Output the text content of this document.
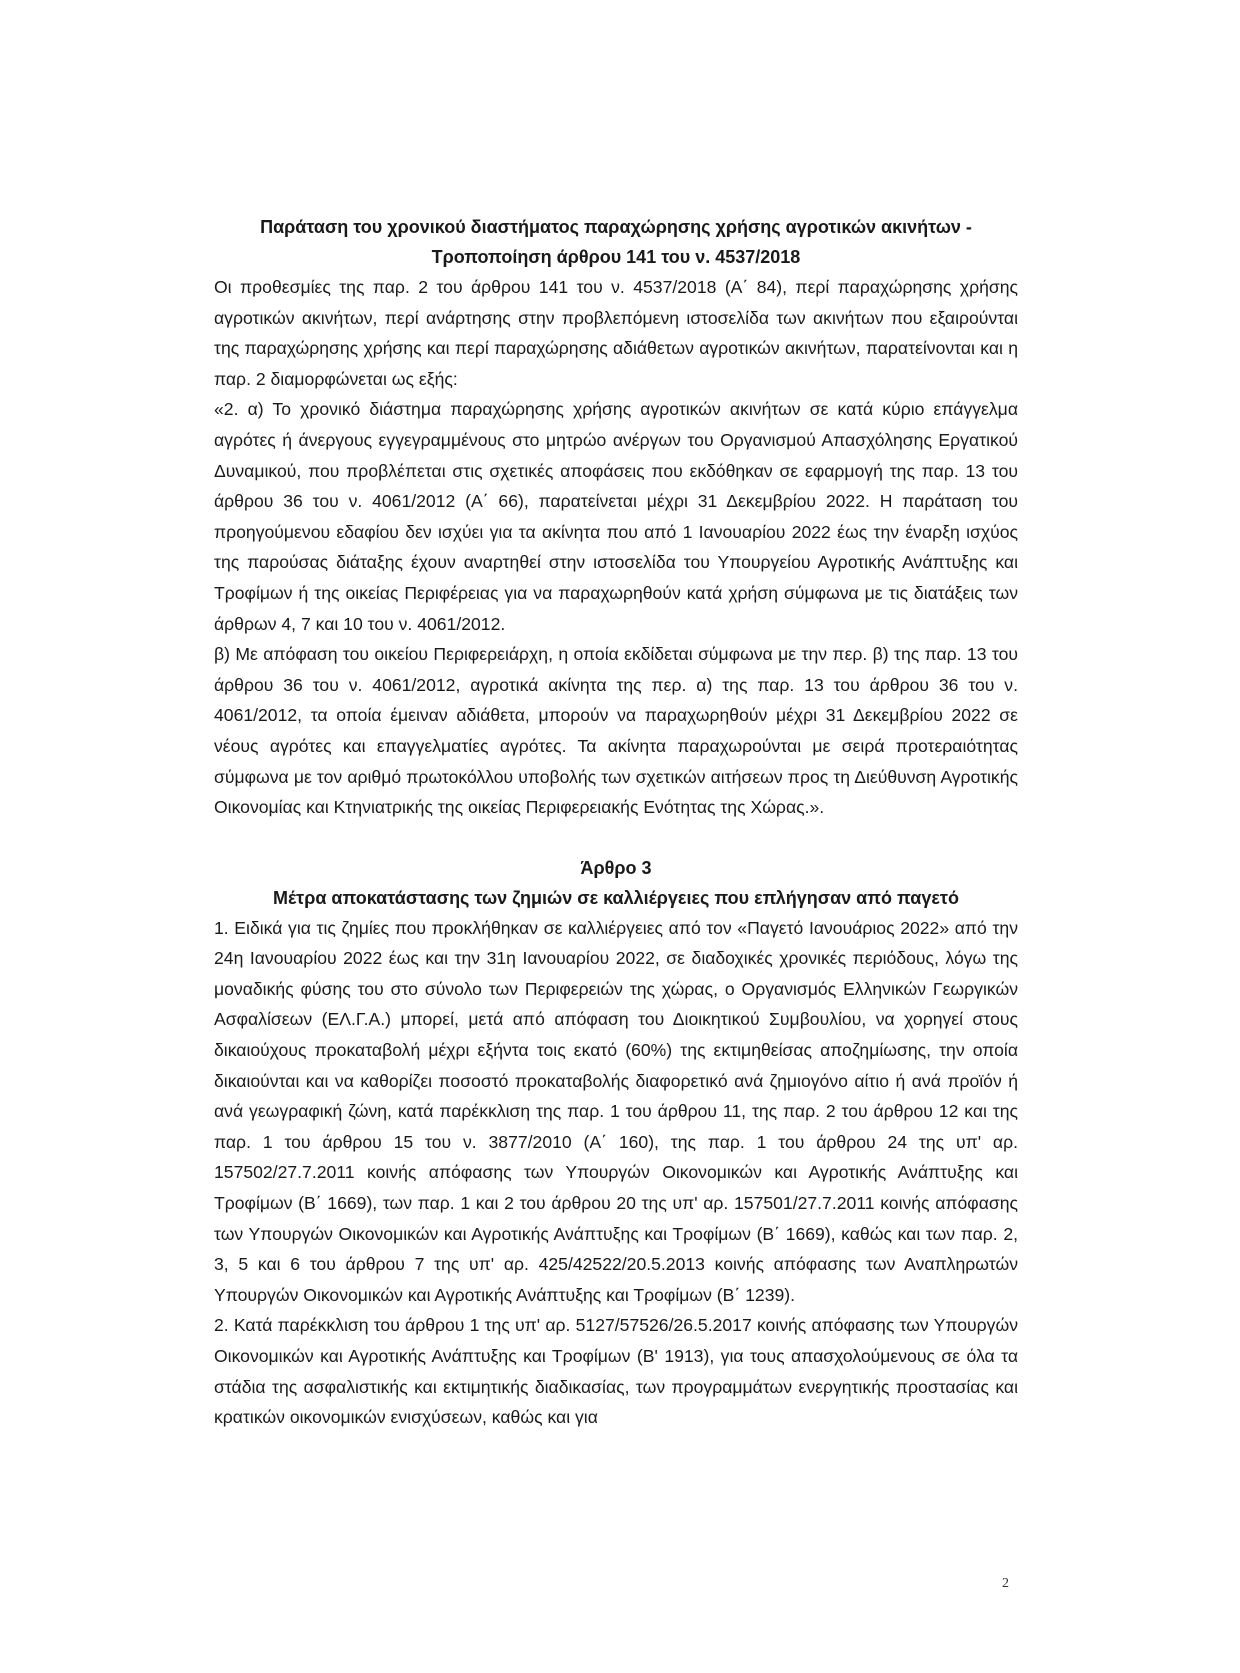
Παράταση του χρονικού διαστήματος παραχώρησης χρήσης αγροτικών ακινήτων -
Τροποποίηση άρθρου 141 του ν. 4537/2018

Οι προθεσμίες της παρ. 2 του άρθρου 141 του ν. 4537/2018 (Α΄ 84), περί παραχώρησης χρήσης αγροτικών ακινήτων, περί ανάρτησης στην προβλεπόμενη ιστοσελίδα των ακινήτων που εξαιρούνται της παραχώρησης χρήσης και περί παραχώρησης αδιάθετων αγροτικών ακινήτων, παρατείνονται και η παρ. 2 διαμορφώνεται ως εξής:

«2. α) Το χρονικό διάστημα παραχώρησης χρήσης αγροτικών ακινήτων σε κατά κύριο επάγγελμα αγρότες ή άνεργους εγγεγραμμένους στο μητρώο ανέργων του Οργανισμού Απασχόλησης Εργατικού Δυναμικού, που προβλέπεται στις σχετικές αποφάσεις που εκδόθηκαν σε εφαρμογή της παρ. 13 του άρθρου 36 του ν. 4061/2012 (Α΄ 66), παρατείνεται μέχρι 31 Δεκεμβρίου 2022. Η παράταση του προηγούμενου εδαφίου δεν ισχύει για τα ακίνητα που από 1 Ιανουαρίου 2022 έως την έναρξη ισχύος της παρούσας διάταξης έχουν αναρτηθεί στην ιστοσελίδα του Υπουργείου Αγροτικής Ανάπτυξης και Τροφίμων ή της οικείας Περιφέρειας για να παραχωρηθούν κατά χρήση σύμφωνα με τις διατάξεις των άρθρων 4, 7 και 10 του ν. 4061/2012.

β) Με απόφαση του οικείου Περιφερειάρχη, η οποία εκδίδεται σύμφωνα με την περ. β) της παρ. 13 του άρθρου 36 του ν. 4061/2012, αγροτικά ακίνητα της περ. α) της παρ. 13 του άρθρου 36 του ν. 4061/2012, τα οποία έμειναν αδιάθετα, μπορούν να παραχωρηθούν μέχρι 31 Δεκεμβρίου 2022 σε νέους αγρότες και επαγγελματίες αγρότες. Τα ακίνητα παραχωρούνται με σειρά προτεραιότητας σύμφωνα με τον αριθμό πρωτοκόλλου υποβολής των σχετικών αιτήσεων προς τη Διεύθυνση Αγροτικής Οικονομίας και Κτηνιατρικής της οικείας Περιφερειακής Ενότητας της Χώρας.».

Άρθρο 3
Μέτρα αποκατάστασης των ζημιών σε καλλιέργειες που επλήγησαν από παγετό

1. Ειδικά για τις ζημίες που προκλήθηκαν σε καλλιέργειες από τον «Παγετό Ιανουάριος 2022» από την 24η Ιανουαρίου 2022 έως και την 31η Ιανουαρίου 2022, σε διαδοχικές χρονικές περιόδους, λόγω της μοναδικής φύσης του στο σύνολο των Περιφερειών της χώρας, ο Οργανισμός Ελληνικών Γεωργικών Ασφαλίσεων (ΕΛ.Γ.Α.) μπορεί, μετά από απόφαση του Διοικητικού Συμβουλίου, να χορηγεί στους δικαιούχους προκαταβολή μέχρι εξήντα τοις εκατό (60%) της εκτιμηθείσας αποζημίωσης, την οποία δικαιούνται και να καθορίζει ποσοστό προκαταβολής διαφορετικό ανά ζημιογόνο αίτιο ή ανά προϊόν ή ανά γεωγραφική ζώνη, κατά παρέκκλιση της παρ. 1 του άρθρου 11, της παρ. 2 του άρθρου 12 και της παρ. 1 του άρθρου 15 του ν. 3877/2010 (Α΄ 160), της παρ. 1 του άρθρου 24 της υπ' αρ. 157502/27.7.2011 κοινής απόφασης των Υπουργών Οικονομικών και Αγροτικής Ανάπτυξης και Τροφίμων (Β΄ 1669), των παρ. 1 και 2 του άρθρου 20 της υπ' αρ. 157501/27.7.2011 κοινής απόφασης των Υπουργών Οικονομικών και Αγροτικής Ανάπτυξης και Τροφίμων (Β΄ 1669), καθώς και των παρ. 2, 3, 5 και 6 του άρθρου 7 της υπ' αρ. 425/42522/20.5.2013 κοινής απόφασης των Αναπληρωτών Υπουργών Οικονομικών και Αγροτικής Ανάπτυξης και Τροφίμων (Β΄ 1239).

2. Κατά παρέκκλιση του άρθρου 1 της υπ' αρ. 5127/57526/26.5.2017 κοινής απόφασης των Υπουργών Οικονομικών και Αγροτικής Ανάπτυξης και Τροφίμων (Β' 1913), για τους απασχολούμενους σε όλα τα στάδια της ασφαλιστικής και εκτιμητικής διαδικασίας, των προγραμμάτων ενεργητικής προστασίας και κρατικών οικονομικών ενισχύσεων, καθώς και για

2
